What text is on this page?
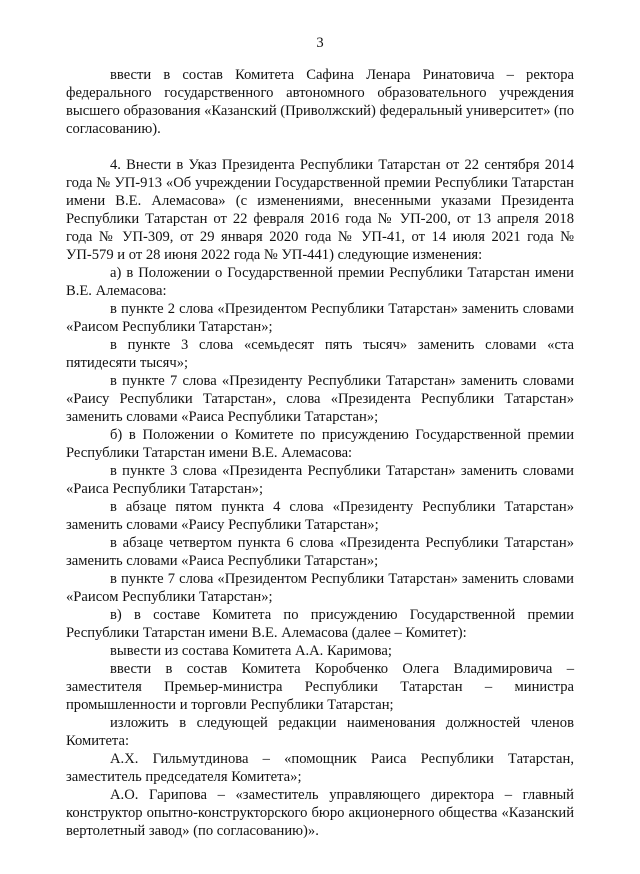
3

ввести в состав Комитета Сафина Ленара Ринатовича – ректора федерального государственного автономного образовательного учреждения высшего образования «Казанский (Приволжский) федеральный университет» (по согласованию).

4. Внести в Указ Президента Республики Татарстан от 22 сентября 2014 года № УП-913 «Об учреждении Государственной премии Республики Татарстан имени В.Е. Алемасова» (с изменениями, внесенными указами Президента Республики Татарстан от 22 февраля 2016 года № УП-200, от 13 апреля 2018 года № УП-309, от 29 января 2020 года № УП-41, от 14 июля 2021 года № УП-579 и от 28 июня 2022 года № УП-441) следующие изменения:

а) в Положении о Государственной премии Республики Татарстан имени В.Е. Алемасова:

в пункте 2 слова «Президентом Республики Татарстан» заменить словами «Раисом Республики Татарстан»;

в пункте 3 слова «семьдесят пять тысяч» заменить словами «ста пятидесяти тысяч»;

в пункте 7 слова «Президенту Республики Татарстан» заменить словами «Раису Республики Татарстан», слова «Президента Республики Татарстан» заменить словами «Раиса Республики Татарстан»;

б) в Положении о Комитете по присуждению Государственной премии Республики Татарстан имени В.Е. Алемасова:

в пункте 3 слова «Президента Республики Татарстан» заменить словами «Раиса Республики Татарстан»;

в абзаце пятом пункта 4 слова «Президенту Республики Татарстан» заменить словами «Раису Республики Татарстан»;

в абзаце четвертом пункта 6 слова «Президента Республики Татарстан» заменить словами «Раиса Республики Татарстан»;

в пункте 7 слова «Президентом Республики Татарстан» заменить словами «Раисом Республики Татарстан»;

в) в составе Комитета по присуждению Государственной премии Республики Татарстан имени В.Е. Алемасова (далее – Комитет):

вывести из состава Комитета А.А. Каримова;

ввести в состав Комитета Коробченко Олега Владимировича – заместителя Премьер-министра Республики Татарстан – министра промышленности и торговли Республики Татарстан;

изложить в следующей редакции наименования должностей членов Комитета:

А.Х. Гильмутдинова – «помощник Раиса Республики Татарстан, заместитель председателя Комитета»;

А.О. Гарипова – «заместитель управляющего директора – главный конструктор опытно-конструкторского бюро акционерного общества «Казанский вертолетный завод» (по согласованию)».
